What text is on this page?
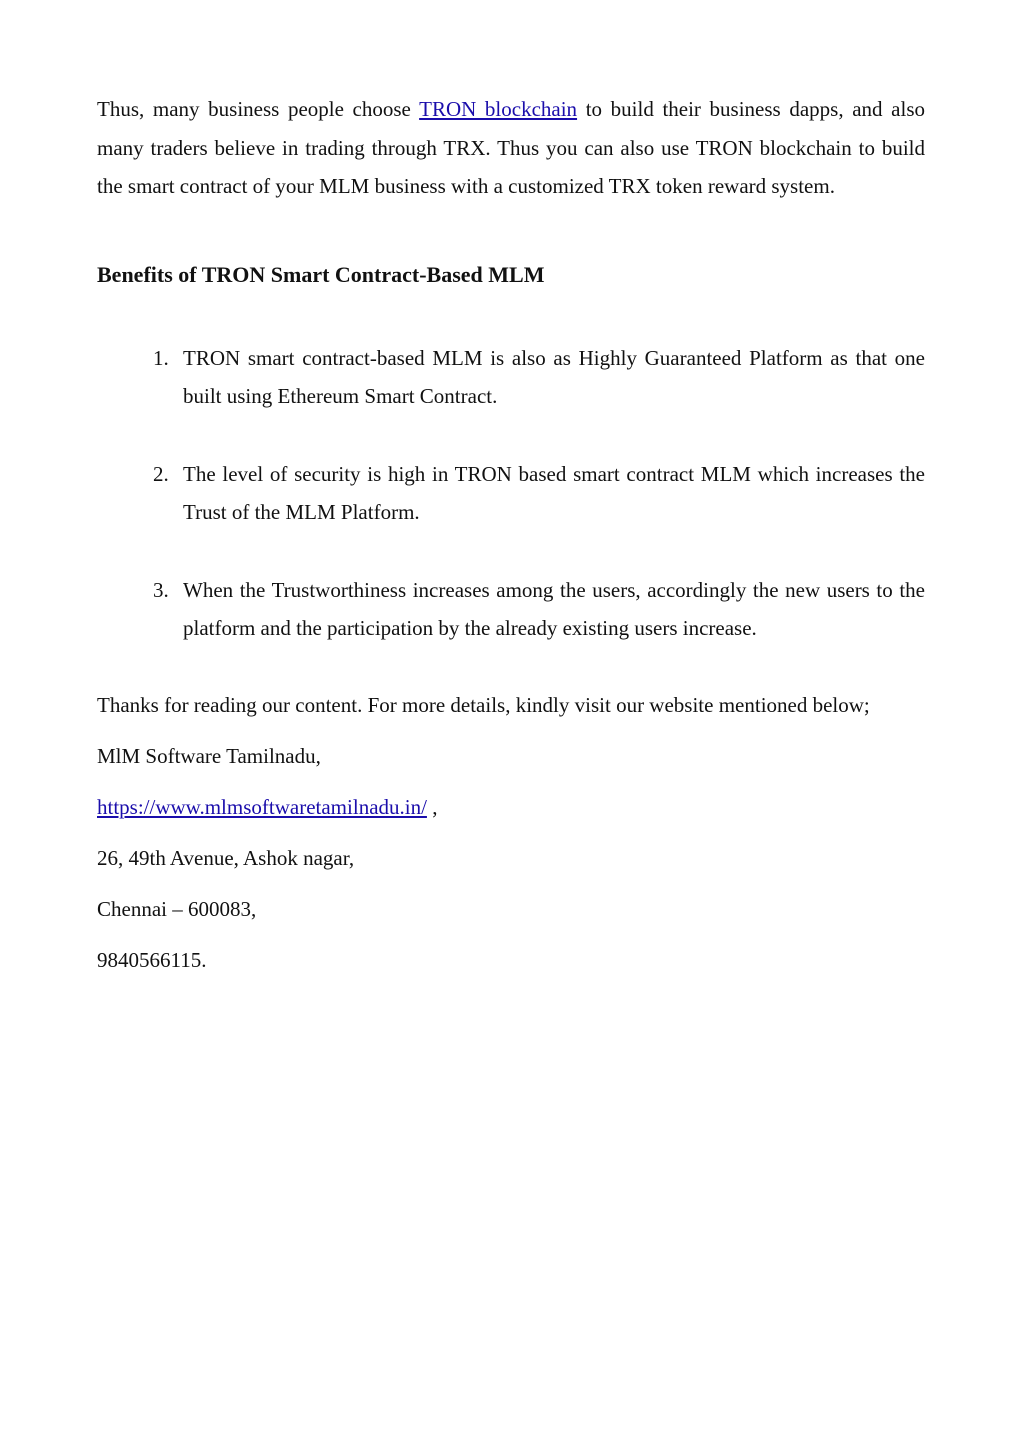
Thus, many business people choose TRON blockchain to build their business dapps, and also many traders believe in trading through TRX. Thus you can also use TRON blockchain to build the smart contract of your MLM business with a customized TRX token reward system.

Benefits of TRON Smart Contract-Based MLM
1. TRON smart contract-based MLM is also as Highly Guaranteed Platform as that one built using Ethereum Smart Contract.
2. The level of security is high in TRON based smart contract MLM which increases the Trust of the MLM Platform.
3. When the Trustworthiness increases among the users, accordingly the new users to the platform and the participation by the already existing users increase.

Thanks for reading our content. For more details, kindly visit our website mentioned below;

MlM Software Tamilnadu,

https://www.mlmsoftwaretamilnadu.in/ ,

26, 49th Avenue, Ashok nagar,

Chennai – 600083,

9840566115.
